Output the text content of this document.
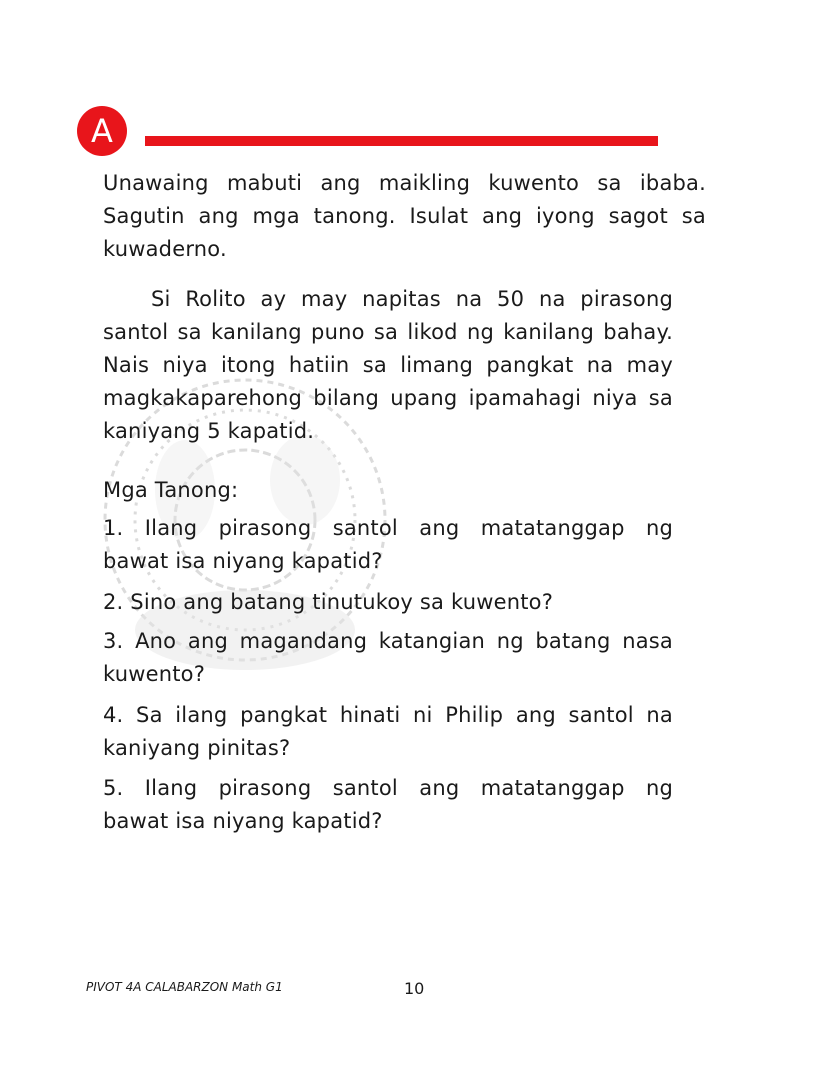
A
Unawaing mabuti ang maikling kuwento sa ibaba.
Sagutin ang mga tanong. Isulat ang iyong sagot sa
kuwaderno.
Si Rolito ay may napitas na 50 na pirasong
santol sa kanilang puno sa likod ng kanilang bahay.
Nais niya itong hatiin sa limang pangkat na may
magkakaparehong bilang upang ipamahagi niya sa
kaniyang 5 kapatid.
Mga Tanong:
1. Ilang pirasong santol ang matatanggap ng
bawat isa niyang kapatid?
2. Sino ang batang tinutukoy sa kuwento?
3. Ano ang magandang katangian ng batang nasa
kuwento?
4. Sa ilang pangkat hinati ni Philip ang santol na
kaniyang pinitas?
5. Ilang pirasong santol ang matatanggap ng
bawat isa niyang kapatid?
PIVOT 4A CALABARZON Math G1	10
